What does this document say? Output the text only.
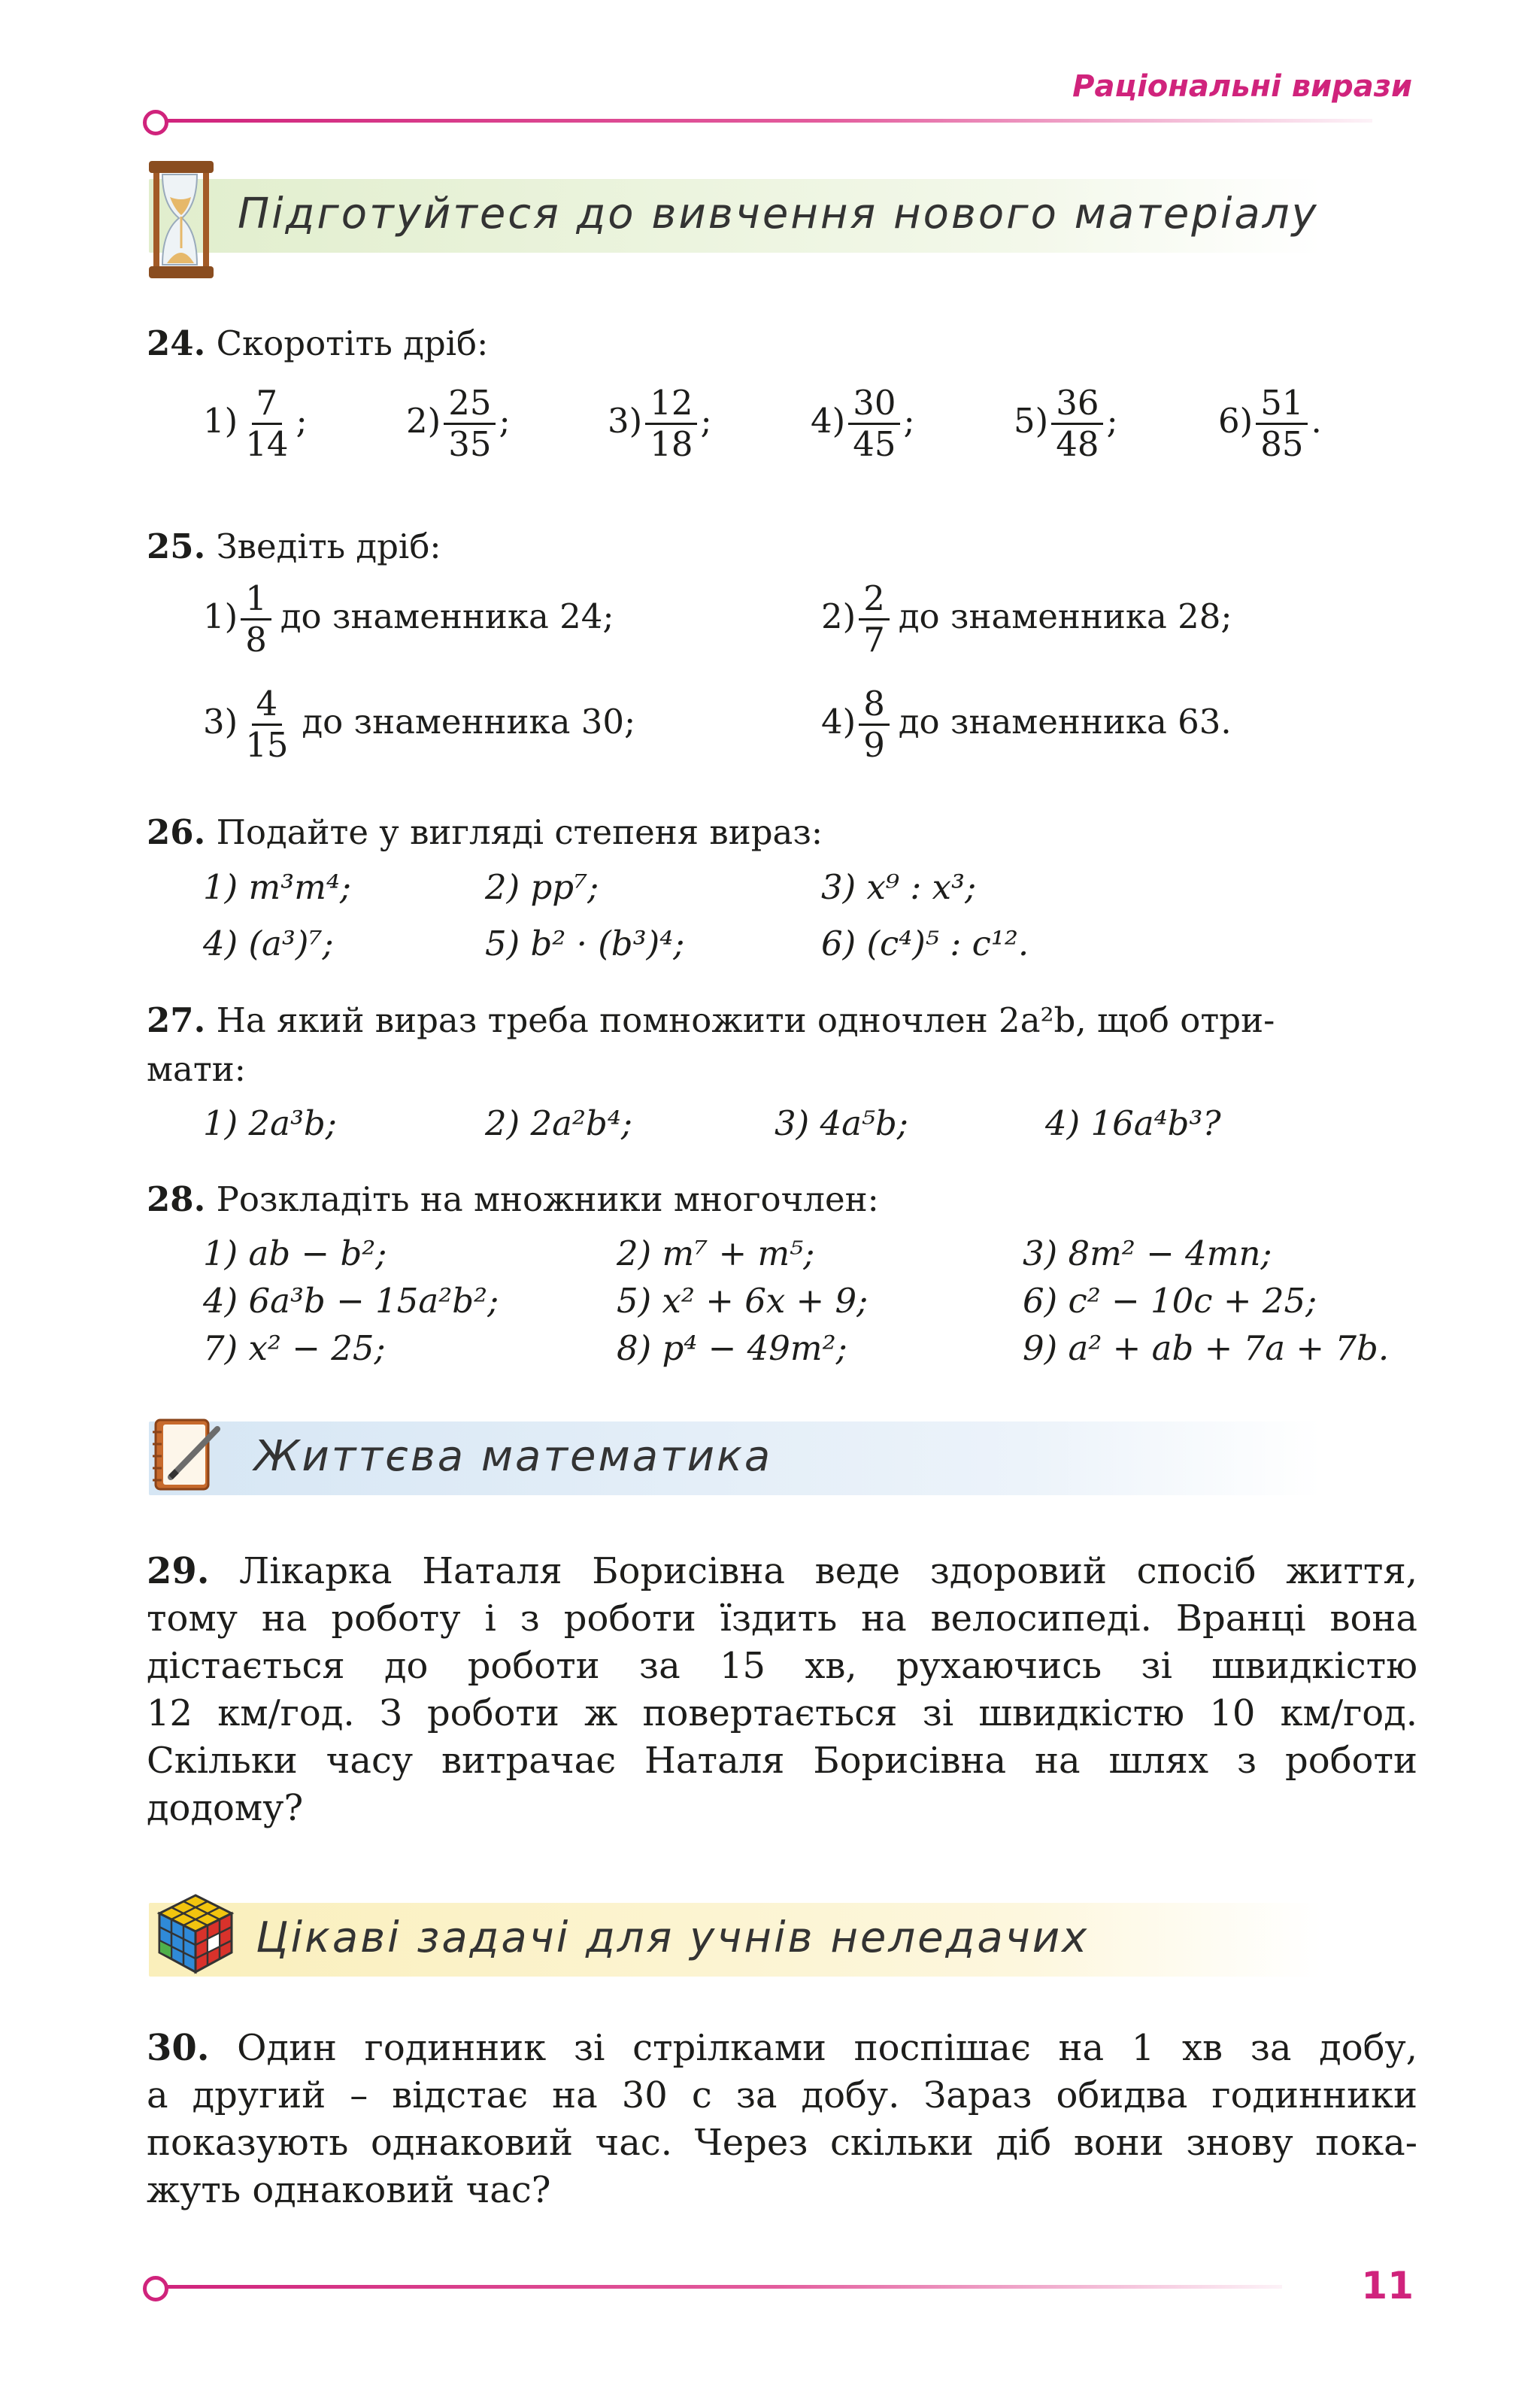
Раціональні вирази
Підготуйтеся до вивчення нового матеріалу
24. Скоротіть дріб:
$1) \frac{7}{14}$ ;	$2) \frac{25}{35}$ ;	$3) \frac{12}{18}$ ;	$4) \frac{30}{45}$ ;	$5) \frac{36}{48}$ ;	$6) \frac{51}{85}$ .
25. Зведіть дріб:
$1) \frac{1}{8}$ до знаменника 24;	$2) \frac{2}{7}$ до знаменника 28;
$3) \frac{4}{15}$ до знаменника 30;	$4) \frac{8}{9}$ до знаменника 63.
26. Подайте у вигляді степеня вираз:
1) m³m⁴;	2) pp⁷;	3) x⁹ : x³;
4) (a³)⁷;	5) b² · (b³)⁴;	6) (c⁴)⁵ : c¹².
27. На який вираз треба помножити одночлен 2a²b, щоб отри-
мати:
1) 2a³b;	2) 2a²b⁴;	3) 4a⁵b;	4) 16a⁴b³?
28. Розкладіть на множники многочлен:
1) ab − b²;	2) m⁷ + m⁵;	3) 8m² − 4mn;
4) 6a³b − 15a²b²;	5) x² + 6x + 9;	6) c² − 10c + 25;
7) x² − 25;	8) p⁴ − 49m²;	9) a² + ab + 7a + 7b.
Життєва математика
29. Лікарка Наталя Борисівна веде здоровий спосіб життя,
тому на роботу і з роботи їздить на велосипеді. Вранці вона
дістається до роботи за 15 хв, рухаючись зі швидкістю
12 км/год. З роботи ж повертається зі швидкістю 10 км/год.
Скільки часу витрачає Наталя Борисівна на шлях з роботи
додому?
Цікаві задачі для учнів неледачих
30. Один годинник зі стрілками поспішає на 1 хв за добу,
а другий – відстає на 30 с за добу. Зараз обидва годинники
показують однаковий час. Через скільки діб вони знову пока-
жуть однаковий час?
11
